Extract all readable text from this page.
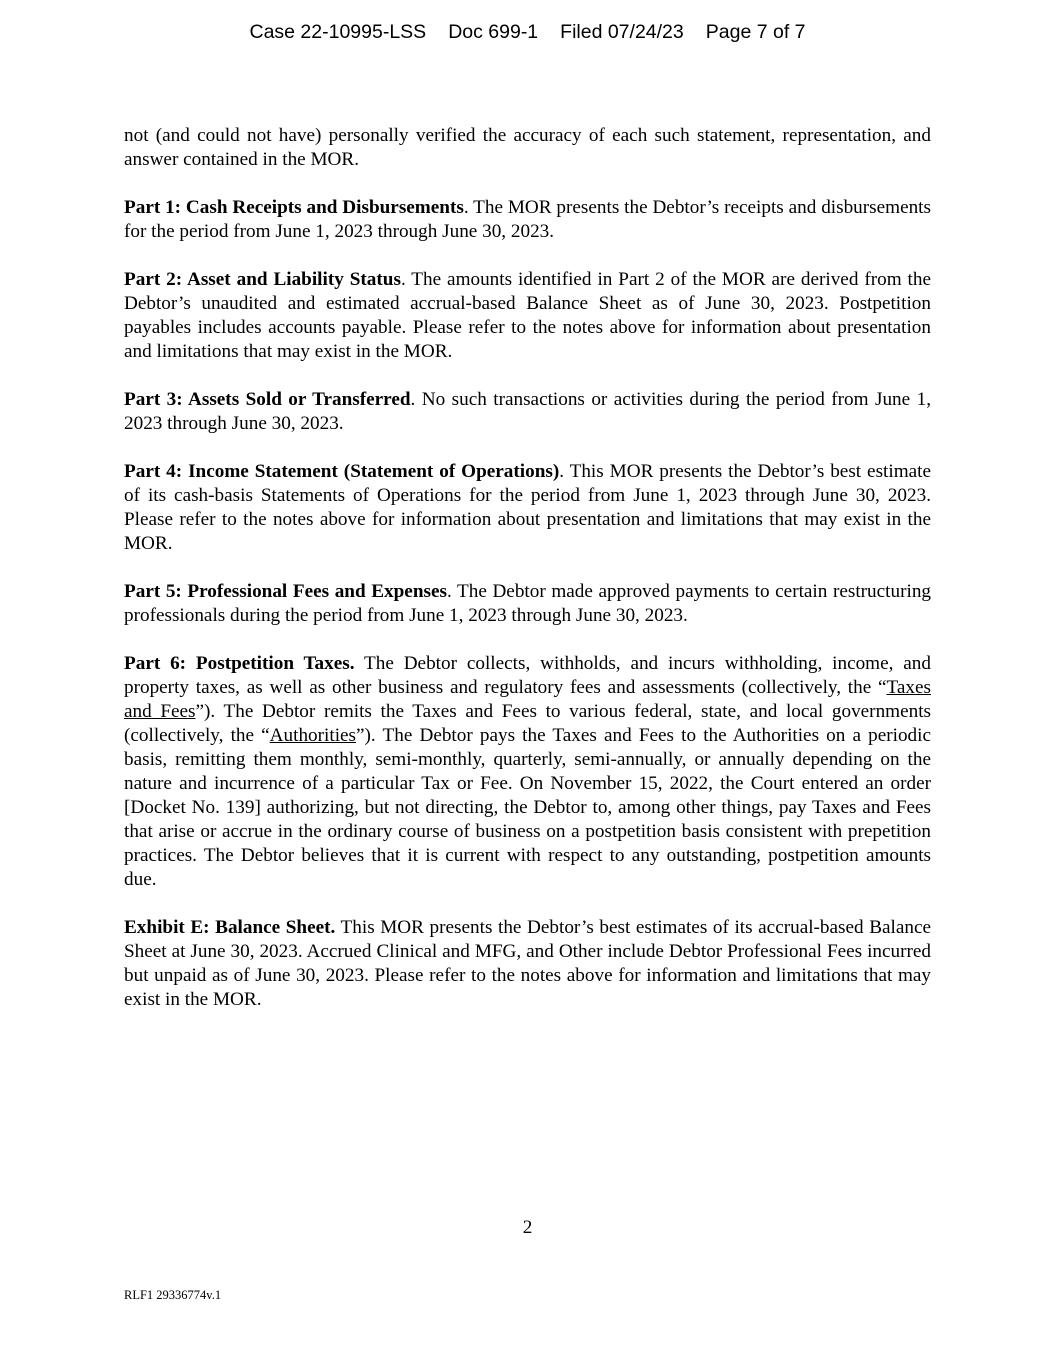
Case 22-10995-LSS Doc 699-1 Filed 07/24/23 Page 7 of 7

not (and could not have) personally verified the accuracy of each such statement, representation, and answer contained in the MOR.

Part 1: Cash Receipts and Disbursements. The MOR presents the Debtor’s receipts and disbursements for the period from June 1, 2023 through June 30, 2023.

Part 2: Asset and Liability Status. The amounts identified in Part 2 of the MOR are derived from the Debtor’s unaudited and estimated accrual-based Balance Sheet as of June 30, 2023. Postpetition payables includes accounts payable. Please refer to the notes above for information about presentation and limitations that may exist in the MOR.

Part 3: Assets Sold or Transferred. No such transactions or activities during the period from June 1, 2023 through June 30, 2023.

Part 4: Income Statement (Statement of Operations). This MOR presents the Debtor’s best estimate of its cash-basis Statements of Operations for the period from June 1, 2023 through June 30, 2023. Please refer to the notes above for information about presentation and limitations that may exist in the MOR.

Part 5: Professional Fees and Expenses. The Debtor made approved payments to certain restructuring professionals during the period from June 1, 2023 through June 30, 2023.

Part 6: Postpetition Taxes. The Debtor collects, withholds, and incurs withholding, income, and property taxes, as well as other business and regulatory fees and assessments (collectively, the “Taxes and Fees”). The Debtor remits the Taxes and Fees to various federal, state, and local governments (collectively, the “Authorities”). The Debtor pays the Taxes and Fees to the Authorities on a periodic basis, remitting them monthly, semi-monthly, quarterly, semi-annually, or annually depending on the nature and incurrence of a particular Tax or Fee. On November 15, 2022, the Court entered an order [Docket No. 139] authorizing, but not directing, the Debtor to, among other things, pay Taxes and Fees that arise or accrue in the ordinary course of business on a postpetition basis consistent with prepetition practices. The Debtor believes that it is current with respect to any outstanding, postpetition amounts due.

Exhibit E: Balance Sheet. This MOR presents the Debtor’s best estimates of its accrual-based Balance Sheet at June 30, 2023. Accrued Clinical and MFG, and Other include Debtor Professional Fees incurred but unpaid as of June 30, 2023. Please refer to the notes above for information and limitations that may exist in the MOR.

2
RLF1 29336774v.1
